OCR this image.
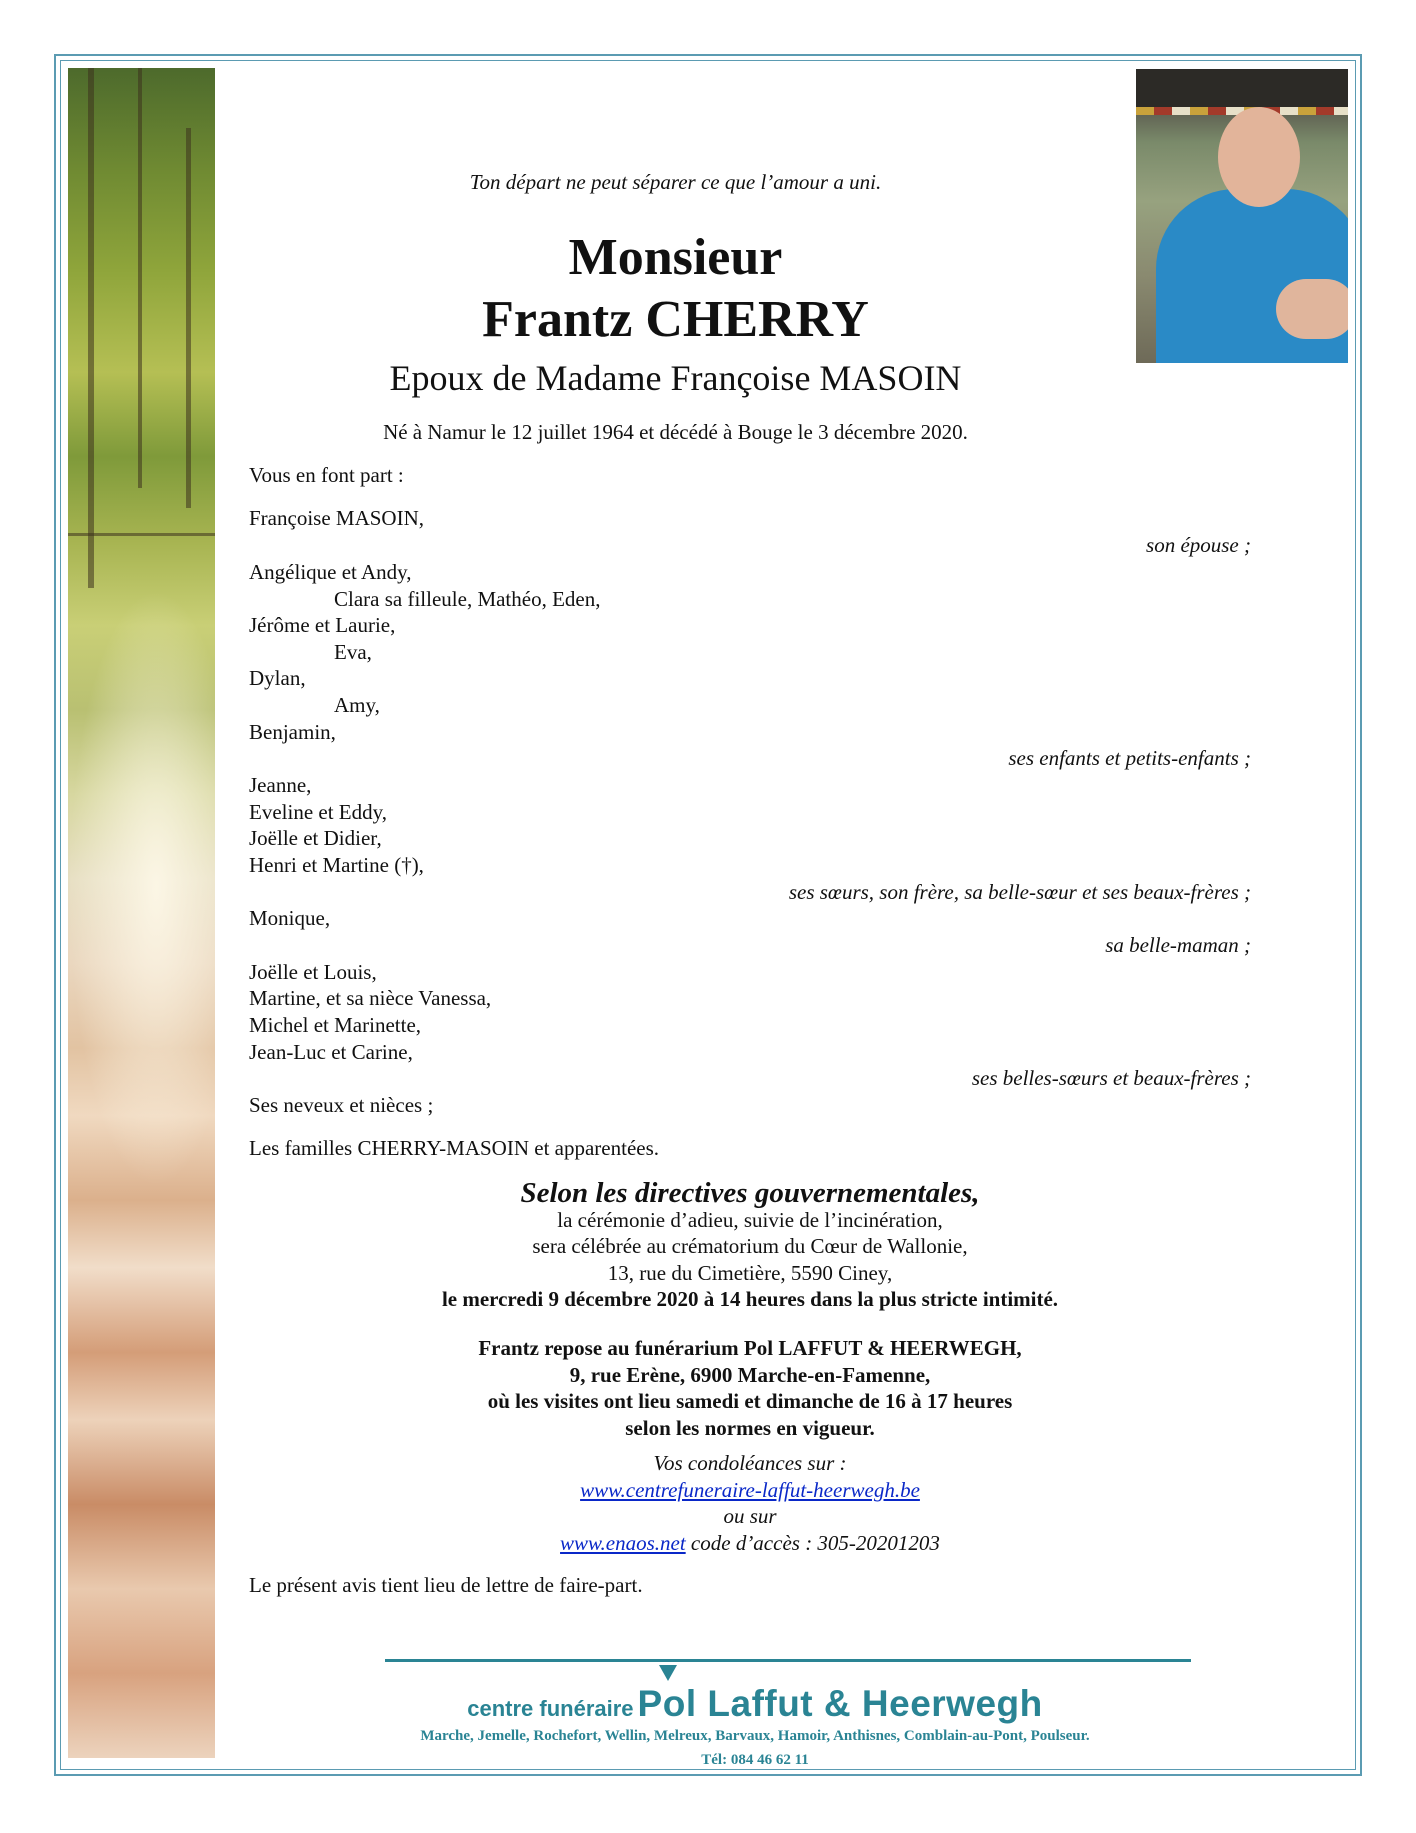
Ton départ ne peut séparer ce que l’amour a uni.
Monsieur
Frantz CHERRY
Epoux de Madame Françoise MASOIN
Né à Namur le 12 juillet 1964 et décédé à Bouge le 3 décembre 2020.
Vous en font part :
Françoise MASOIN,
son épouse ;
Angélique et Andy,
Clara sa filleule, Mathéo, Eden,
Jérôme et Laurie,
Eva,
Dylan,
Amy,
Benjamin,
ses enfants et petits-enfants ;
Jeanne,
Eveline et Eddy,
Joëlle et Didier,
Henri et Martine (†),
ses sœurs, son frère, sa belle-sœur et ses beaux-frères ;
Monique,
sa belle-maman ;
Joëlle et Louis,
Martine, et sa nièce Vanessa,
Michel et Marinette,
Jean-Luc et Carine,
ses belles-sœurs et beaux-frères ;
Ses neveux et nièces ;
Les familles CHERRY-MASOIN et apparentées.
Selon les directives gouvernementales,
la cérémonie d’adieu, suivie de l’incinération,
sera célébrée au crématorium du Cœur de Wallonie,
13, rue du Cimetière, 5590 Ciney,
le mercredi 9 décembre 2020 à 14 heures dans la plus stricte intimité.
Frantz repose au funérarium Pol LAFFUT & HEERWEGH,
9, rue Erène, 6900 Marche-en-Famenne,
où les visites ont lieu samedi et dimanche de 16 à 17 heures
selon les normes en vigueur.
Vos condoléances sur :
www.centrefuneraire-laffut-heerwegh.be
ou sur
www.enaos.net code d’accès : 305-20201203
Le présent avis tient lieu de lettre de faire-part.
centre funéraire Pol Laffut & Heerwegh
Marche, Jemelle, Rochefort, Wellin, Melreux, Barvaux, Hamoir, Anthisnes, Comblain-au-Pont, Poulseur.
Tél: 084 46 62 11
